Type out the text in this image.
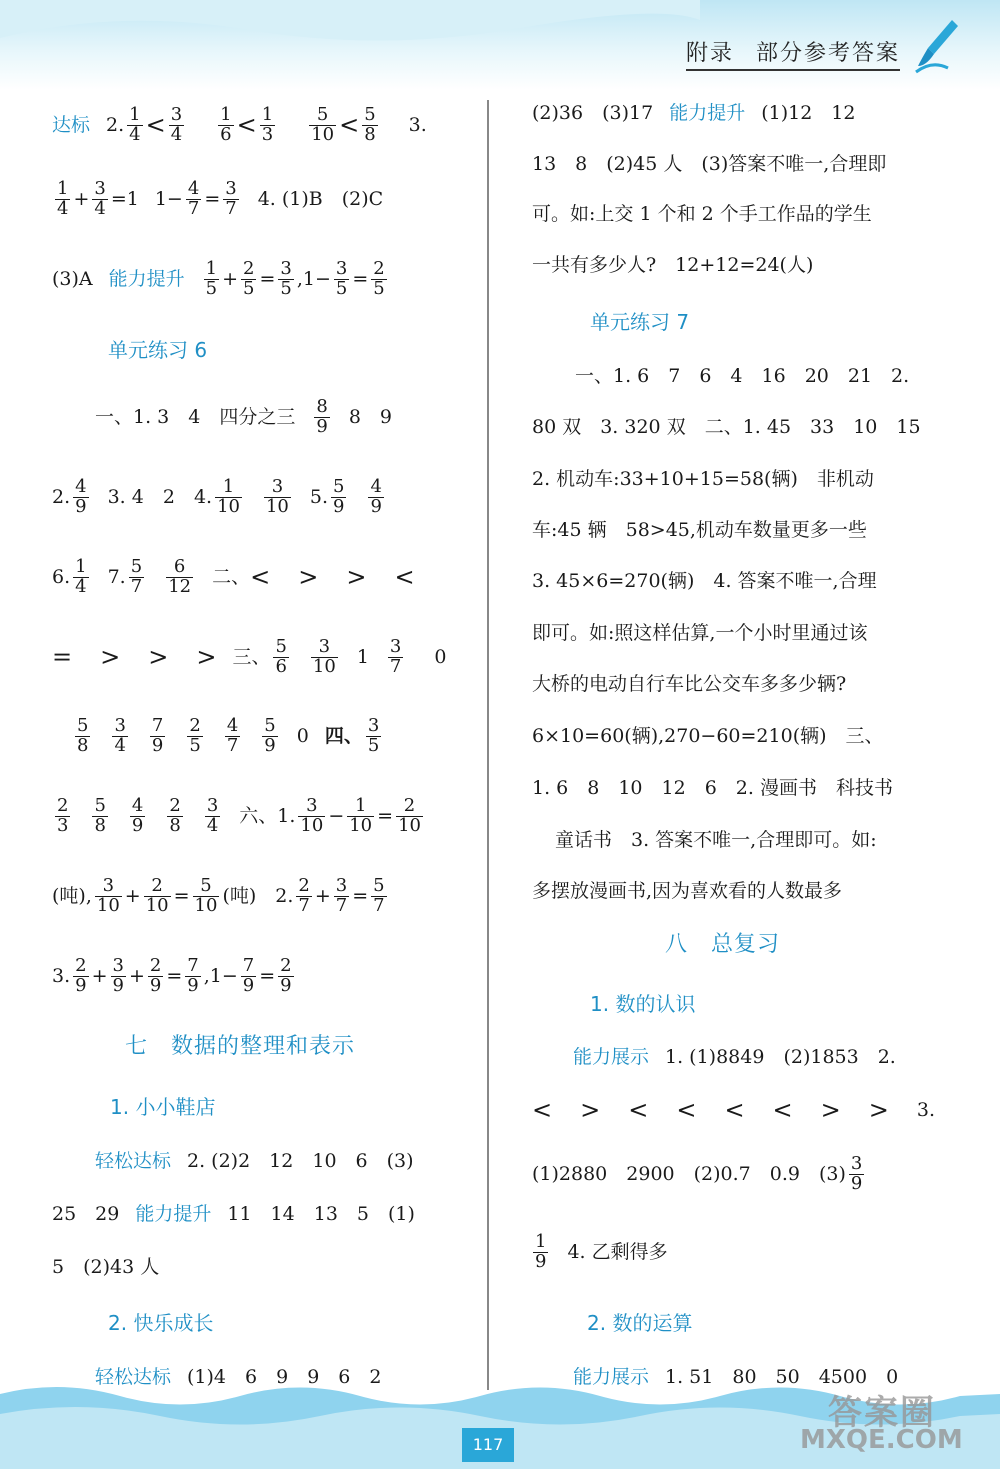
附录 部分参考答案
达标 2. $\frac{1}{4} < \frac{3}{4} \frac{1}{6} < \frac{1}{3} \frac{5}{10} < \frac{5}{8} 3$.
$\frac{1}{4} + \frac{3}{4} =1$ $1- \frac{4}{7} = \frac{3}{7} 4$. (1)B　(2)C
(3)A 能力提升 $\frac{1}{5} + \frac{2}{5} = \frac{3}{5} ,1- \frac{3}{5} = \frac{2}{5}$
单元练习 6
一、1. 3　4　四分之三 $\frac{8}{9} 8$　9
2. $\frac{4}{9} 3$. 4　2　4. $\frac{1}{10} \frac{3}{10} 5$. $\frac{5}{9} \frac{4}{9}$
6. $\frac{1}{4} 7$. $\frac{5}{7} \frac{6}{12}$ 二、 < > > <
= > > > 三、 $\frac{5}{6} \frac{3}{10} 1 \frac{3}{7} 0$
$\frac{5}{8} \frac{3}{4} \frac{7}{9} \frac{2}{5} \frac{4}{7} \frac{5}{9} 0$ 四、 $\frac{3}{5}$
$\frac{2}{3} \frac{5}{8} \frac{4}{9} \frac{2}{8} \frac{3}{4}$ 六、1. $\frac{3}{10} - \frac{1}{10} = \frac{2}{10}$
(吨), $\frac{3}{10} + \frac{2}{10} = \frac{5}{10}$ (吨)　2. $\frac{2}{7} + \frac{3}{7} = \frac{5}{7}$
3. $\frac{2}{9} + \frac{3}{9} + \frac{2}{9} = \frac{7}{9} ,1- \frac{7}{9} = \frac{2}{9}$
七　数据的整理和表示
1. 小小鞋店
轻松达标 2. (2)2　12　10　6　(3)
25　29 能力提升 11　14　13　5　(1)
5　(2)43 人
2. 快乐成长
轻松达标 (1)4　6　9　9　6　2
(2)36　(3)17 能力提升 (1)12　12
13　8　(2)45 人　(3)答案不唯一,合理即
可。如:上交 1 个和 2 个手工作品的学生
一共有多少人?　12+12=24(人)
单元练习 7
一、1. 6　7　6　4　16　20　21　2.
80 双　3. 320 双　二、1. 45　33　10　15
2. 机动车:33+10+15=58(辆)　非机动
车:45 辆　58>45,机动车数量更多一些
3. 45×6=270(辆)　4. 答案不唯一,合理
即可。如:照这样估算,一个小时里通过该
大桥的电动自行车比公交车多多少辆?
6×10=60(辆),270−60=210(辆)　三、
1. 6　8　10　12　6　2. 漫画书　科技书
童话书　3. 答案不唯一,合理即可。如:
多摆放漫画书,因为喜欢看的人数最多
八　总复习
1. 数的认识
能力展示 1. (1)8849　(2)1853　2.
< > < < < < > > 3.
(1)2880　2900　(2)0.7　0.9　$(3) \frac{3}{9}$
$\frac{1}{9} 4$. 乙剩得多
2. 数的运算
能力展示 1. 51　80　50　4500　0
117
答案圈
MXQE.COM
